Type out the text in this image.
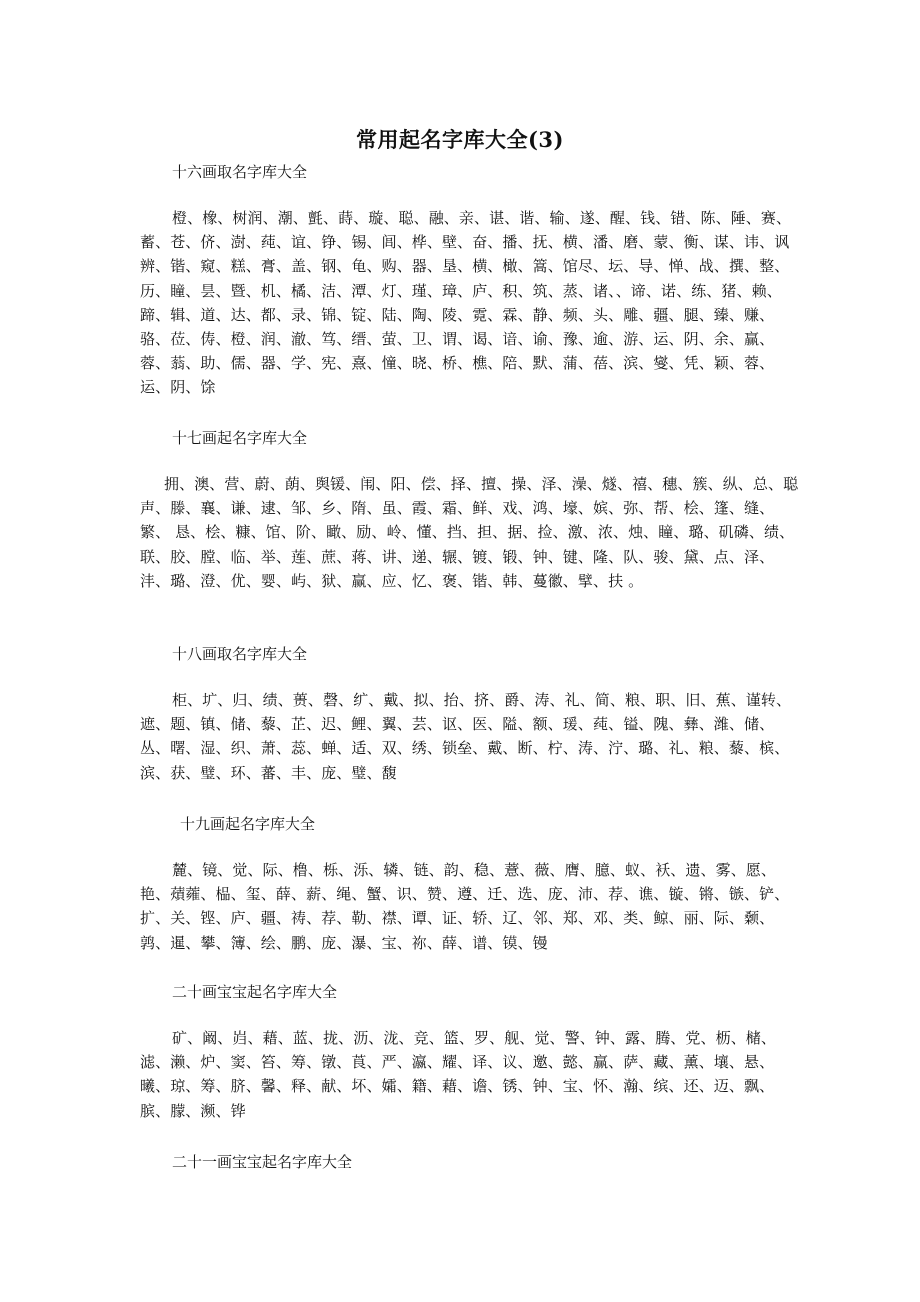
常用起名字库大全(3)

十六画取名字库大全

橙、橡、树润、潮、氈、蒔、璇、聪、融、亲、谌、谐、输、遂、醒、钱、错、陈、陲、赛、蓄、苍、侪、澍、莼、谊、铮、锡、闾、桦、壁、奋、播、抚、横、潘、磨、蒙、衡、谋、讳、讽辨、锴、窥、糕、膏、盖、钢、龟、购、器、垦、横、橄、篙、馆尽、坛、导、惮、战、撰、整、历、瞳、昙、暨、机、橘、洁、潭、灯、瑾、璋、庐、积、筑、蒸、诸、、谛、诺、练、猪、赖、蹄、辑、道、达、都、录、锦、锭、陆、陶、陵、霓、霖、静、频、头、雕、疆、腿、臻、赚、骆、莅、俦、橙、润、澈、笃、缙、萤、卫、谓、谒、谙、谕、豫、逾、游、运、阴、余、赢、蓉、蓊、助、儒、器、学、宪、熹、憧、晓、桥、樵、陪、默、蒲、蓓、滨、燮、凭、颖、蓉、运、阴、馀

十七画起名字库大全

拥、澳、营、蔚、蓢、舆锾、闱、阳、偿、择、擅、操、泽、澡、燧、禧、穗、簇、纵、总、聪声、滕、襄、谦、逮、邹、乡、隋、虽、霞、霜、鲜、戏、鸿、壕、嫔、弥、帮、桧、篷、缝、繁、 恳、桧、糠、馆、阶、瞰、励、岭、懂、挡、担、据、捡、激、浓、烛、瞳、璐、矶磷、绩、联、胶、膛、临、举、莲、蔗、蒋、讲、递、辗、镀、锻、钟、键、隆、队、骏、黛、点、泽、沣、璐、澄、优、婴、屿、狱、赢、应、忆、褒、锴、韩、蔓徽、擘、扶 。

十八画取名字库大全

柜、圹、归、绩、蒉、磬、纩、戴、拟、抬、挤、爵、涛、礼、简、粮、职、旧、蕉、谨转、遮、题、镇、储、藜、芷、迟、鲤、翼、芸、讴、医、隘、额、瑗、莼、镒、隗、彝、潍、储、丛、曙、湿、织、萧、蕊、蝉、适、双、绣、锁垒、戴、断、柠、涛、泞、璐、礼、粮、藜、槟、滨、获、璧、环、蕃、丰、庞、璧、馥

十九画起名字库大全

麓、镜、觉、际、橹、栎、泺、辚、链、韵、稳、薏、薇、膺、臆、蚁、袄、遗、雾、愿、艳、薠蕹、榀、玺、薛、薪、绳、蟹、识、赞、遵、迁、选、庞、沛、荐、谯、镟、锵、镞、铲、扩、关、铿、庐、疆、祷、荐、勒、襟、谭、证、轿、辽、邻、郑、邓、类、鲸、丽、际、颡、鹑、暹、攀、簿、绘、鹏、庞、瀑、宝、祢、薛、谱、镆、镘

二十画宝宝起名字库大全

矿、阚、岿、藉、蓝、拢、沥、泷、竞、篮、罗、舰、觉、警、钟、露、腾、党、枥、槠、滤、濑、炉、窦、笞、筹、镦、莨、严、瀛、耀、译、议、邀、懿、赢、萨、藏、薰、壤、悬、曦、琼、筹、脐、馨、释、献、坏、孀、籍、藉、谵、锈、钟、宝、怀、瀚、缤、还、迈、飘、膑、朦、濒、铧

二十一画宝宝起名字库大全
